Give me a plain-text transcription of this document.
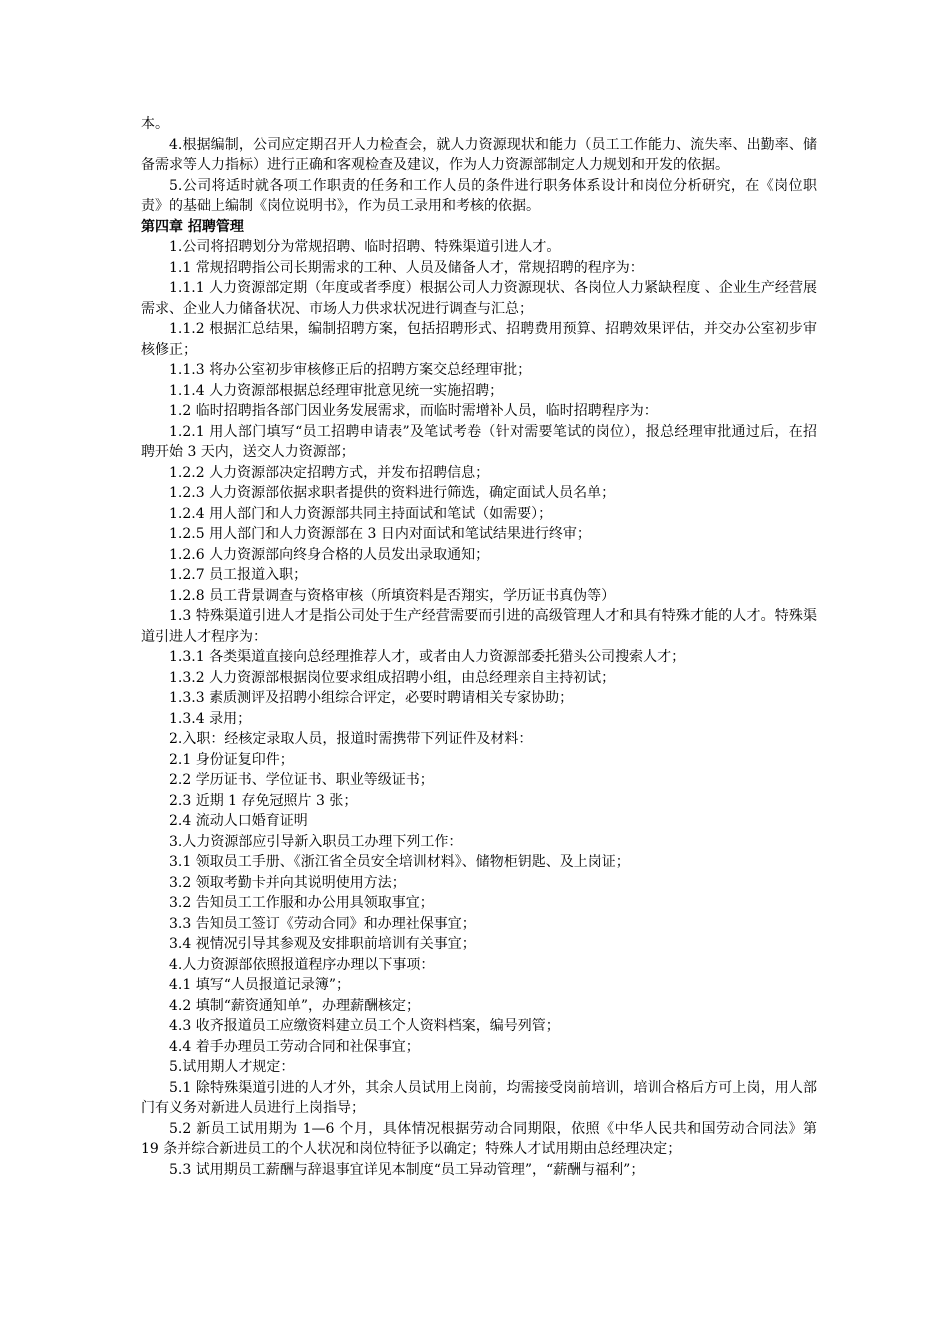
本。

4.根据编制，公司应定期召开人力检查会，就人力资源现状和能力（员工工作能力、流失率、出勤率、储备需求等人力指标）进行正确和客观检查及建议，作为人力资源部制定人力规划和开发的依据。

5.公司将适时就各项工作职责的任务和工作人员的条件进行职务体系设计和岗位分析研究，在《岗位职责》的基础上编制《岗位说明书》，作为员工录用和考核的依据。

第四章 招聘管理

1.公司将招聘划分为常规招聘、临时招聘、特殊渠道引进人才。

1.1 常规招聘指公司长期需求的工种、人员及储备人才，常规招聘的程序为：

1.1.1 人力资源部定期（年度或者季度）根据公司人力资源现状、各岗位人力紧缺程度 、企业生产经营展需求、企业人力储备状况、市场人力供求状况进行调查与汇总；

1.1.2 根据汇总结果，编制招聘方案，包括招聘形式、招聘费用预算、招聘效果评估，并交办公室初步审核修正；

1.1.3 将办公室初步审核修正后的招聘方案交总经理审批；

1.1.4 人力资源部根据总经理审批意见统一实施招聘；

1.2 临时招聘指各部门因业务发展需求，而临时需增补人员，临时招聘程序为：

1.2.1 用人部门填写“员工招聘申请表”及笔试考卷（针对需要笔试的岗位），报总经理审批通过后，在招聘开始 3 天内，送交人力资源部；

1.2.2 人力资源部决定招聘方式，并发布招聘信息；

1.2.3 人力资源部依据求职者提供的资料进行筛选，确定面试人员名单；

1.2.4 用人部门和人力资源部共同主持面试和笔试（如需要）；

1.2.5 用人部门和人力资源部在 3 日内对面试和笔试结果进行终审；

1.2.6 人力资源部向终身合格的人员发出录取通知；

1.2.7 员工报道入职；

1.2.8 员工背景调查与资格审核（所填资料是否翔实，学历证书真伪等）

1.3 特殊渠道引进人才是指公司处于生产经营需要而引进的高级管理人才和具有特殊才能的人才。特殊渠道引进人才程序为：

1.3.1 各类渠道直接向总经理推荐人才，或者由人力资源部委托猎头公司搜索人才；

1.3.2 人力资源部根据岗位要求组成招聘小组，由总经理亲自主持初试；

1.3.3 素质测评及招聘小组综合评定，必要时聘请相关专家协助；

1.3.4 录用；

2.入职：经核定录取人员，报道时需携带下列证件及材料：

2.1 身份证复印件；

2.2 学历证书、学位证书、职业等级证书；

2.3 近期 1 存免冠照片 3 张；

2.4 流动人口婚育证明

3.人力资源部应引导新入职员工办理下列工作：

3.1 领取员工手册、《浙江省全员安全培训材料》、储物柜钥匙、及上岗证；

3.2 领取考勤卡并向其说明使用方法；

3.2 告知员工工作服和办公用具领取事宜；

3.3 告知员工签订《劳动合同》和办理社保事宜；

3.4 视情况引导其参观及安排职前培训有关事宜；

4.人力资源部依照报道程序办理以下事项：

4.1 填写“人员报道记录簿”；

4.2 填制“薪资通知单”，办理薪酬核定；

4.3 收齐报道员工应缴资料建立员工个人资料档案，编号列管；

4.4 着手办理员工劳动合同和社保事宜；

5.试用期人才规定：

5.1 除特殊渠道引进的人才外，其余人员试用上岗前，均需接受岗前培训，培训合格后方可上岗，用人部门有义务对新进人员进行上岗指导；

5.2 新员工试用期为 1—6 个月，具体情况根据劳动合同期限，依照《中华人民共和国劳动合同法》第 19 条并综合新进员工的个人状况和岗位特征予以确定；特殊人才试用期由总经理决定；

5.3 试用期员工薪酬与辞退事宜详见本制度“员工异动管理”，“薪酬与福利”；
